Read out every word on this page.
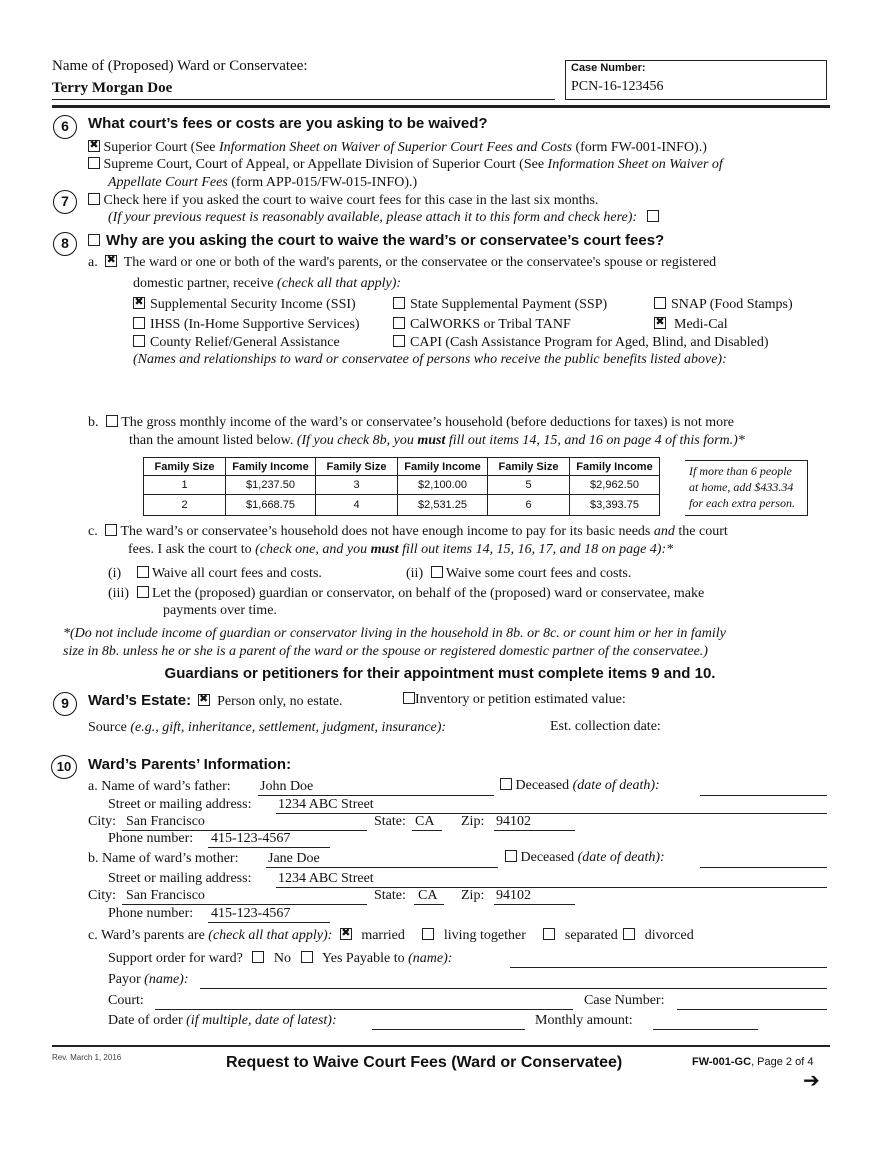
Name of (Proposed) Ward or Conservatee:
Terry Morgan Doe
Case Number:
PCN-16-123456
6	What court’s fees or costs are you asking to be waived?
✖ Superior Court (See Information Sheet on Waiver of Superior Court Fees and Costs (form FW-001-INFO).)
Supreme Court, Court of Appeal, or Appellate Division of Superior Court (See Information Sheet on Waiver of
Appellate Court Fees (form APP-015/FW-015-INFO).)
7	Check here if you asked the court to waive court fees for this case in the last six months.
(If your previous request is reasonably available, please attach it to this form and check here):
8	Why are you asking the court to waive the ward’s or conservatee’s court fees?
a. ✖ The ward or one or both of the ward's parents, or the conservatee or the conservatee's spouse or registered
domestic partner, receive (check all that apply):
✖Supplemental Security Income (SSI)	State Supplemental Payment (SSP)	SNAP (Food Stamps)
IHSS (In-Home Supportive Services)	CalWORKS or Tribal TANF ✖	Medi-Cal
County Relief/General Assistance	CAPI (Cash Assistance Program for Aged, Blind, and Disabled)
(Names and relationships to ward or conservatee of persons who receive the public benefits listed above):
b. The gross monthly income of the ward’s or conservatee’s household (before deductions for taxes) is not more
than the amount listed below. (If you check 8b, you must fill out items 14, 15, and 16 on page 4 of this form.)*
Family Size	Family Income	Family Size	Family Income	Family Size	Family Income
1	$1,237.50	3	$2,100.00	5	$2,962.50
2	$1,668.75	4	$2,531.25	6	$3,393.75
If more than 6 people
at home, add $433.34
for each extra person.
c. The ward’s or conservatee’s household does not have enough income to pay for its basic needs and the court
fees. I ask the court to (check one, and you must fill out items 14, 15, 16, 17, and 18 on page 4):*
(i) Waive all court fees and costs.	(ii) Waive some court fees and costs.
(iii) Let the (proposed) guardian or conservator, on behalf of the (proposed) ward or conservatee, make
payments over time.
*(Do not include income of guardian or conservator living in the household in 8b. or 8c. or count him or her in family
size in 8b. unless he or she is a parent of the ward or the spouse or registered domestic partner of the conservatee.)
Guardians or petitioners for their appointment must complete items 9 and 10.
9	Ward’s Estate: ✖ Person only, no estate.	Inventory or petition estimated value:
Source (e.g., gift, inheritance, settlement, judgment, insurance):	Est. collection date:
10	Ward’s Parents’ Information:
a. Name of ward’s father: John Doe	Deceased (date of death):
Street or mailing address: 1234 ABC Street
City: San Francisco	State: CA Zip: 94102
Phone number: 415-123-4567
b. Name of ward’s mother: Jane Doe	Deceased (date of death):
Street or mailing address: 1234 ABC Street
City: San Francisco	State: CA Zip: 94102
Phone number: 415-123-4567
c. Ward’s parents are (check all that apply): ✖ married	living together	separated divorced
Support order for ward? No Yes Payable to (name):
Payor (name):
Court:	Case Number:
Date of order (if multiple, date of latest):	Monthly amount:
Rev. March 1, 2016	Request to Waive Court Fees (Ward or Conservatee)	FW-001-GC, Page 2 of 4
➔
